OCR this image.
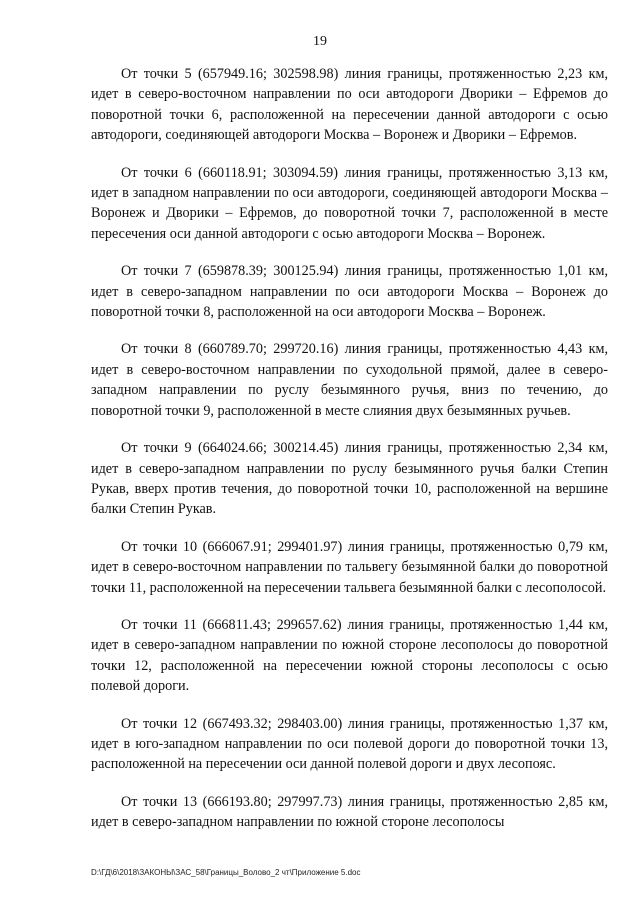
19

От точки 5 (657949.16; 302598.98) линия границы, протяженностью 2,23 км, идет в северо-восточном направлении по оси автодороги Дворики – Ефремов до поворотной точки 6, расположенной на пересечении данной автодороги с осью автодороги, соединяющей автодороги Москва – Воронеж и Дворики – Ефремов.

От точки 6 (660118.91; 303094.59) линия границы, протяженностью 3,13 км, идет в западном направлении по оси автодороги, соединяющей автодороги Москва – Воронеж и Дворики – Ефремов, до поворотной точки 7, расположенной в месте пересечения оси данной автодороги с осью автодороги Москва – Воронеж.

От точки 7 (659878.39; 300125.94) линия границы, протяженностью 1,01 км, идет в северо-западном направлении по оси автодороги Москва – Воронеж до поворотной точки 8, расположенной на оси автодороги Москва – Воронеж.

От точки 8 (660789.70; 299720.16) линия границы, протяженностью 4,43 км, идет в северо-восточном направлении по суходольной прямой, далее в северо-западном направлении по руслу безымянного ручья, вниз по течению, до поворотной точки 9, расположенной в месте слияния двух безымянных ручьев.

От точки 9 (664024.66; 300214.45) линия границы, протяженностью 2,34 км, идет в северо-западном направлении по руслу безымянного ручья балки Степин Рукав, вверх против течения, до поворотной точки 10, расположенной на вершине балки Степин Рукав.

От точки 10 (666067.91; 299401.97) линия границы, протяженностью 0,79 км, идет в северо-восточном направлении по тальвегу безымянной балки до поворотной точки 11, расположенной на пересечении тальвега безымянной балки с лесополосой.

От точки 11 (666811.43; 299657.62) линия границы, протяженностью 1,44 км, идет в северо-западном направлении по южной стороне лесополосы до поворотной точки 12, расположенной на пересечении южной стороны лесополосы с осью полевой дороги.

От точки 12 (667493.32; 298403.00) линия границы, протяженностью 1,37 км, идет в юго-западном направлении по оси полевой дороги до поворотной точки 13, расположенной на пересечении оси данной полевой дороги и двух лесопояс.

От точки 13 (666193.80; 297997.73) линия границы, протяженностью 2,85 км, идет в северо-западном направлении по южной стороне лесополосы

D:\ГД\6\2018\ЗАКОНЫ\ЗАС_58\Границы_Волово_2 чт\Приложение 5.doc
